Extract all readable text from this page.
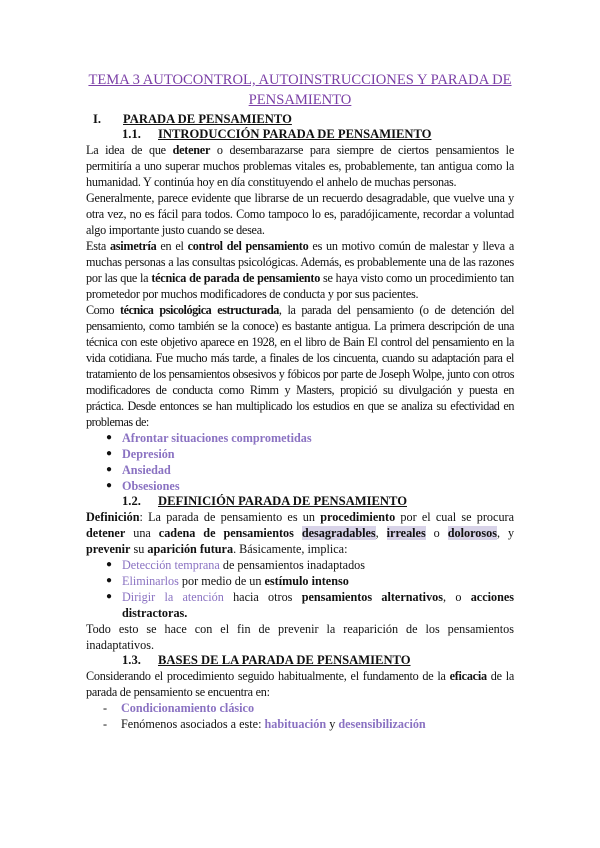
TEMA 3 AUTOCONTROL, AUTOINSTRUCCIONES Y PARADA DE PENSAMIENTO
I.	PARADA DE PENSAMIENTO
1.1.	INTRODUCCIÓN PARADA DE PENSAMIENTO

La idea de que detener o desembarazarse para siempre de ciertos pensamientos le permitiría a uno superar muchos problemas vitales es, probablemente, tan antigua como la humanidad. Y continúa hoy en día constituyendo el anhelo de muchas personas.

Generalmente, parece evidente que librarse de un recuerdo desagradable, que vuelve una y otra vez, no es fácil para todos. Como tampoco lo es, paradójicamente, recordar a voluntad algo importante justo cuando se desea.

Esta asimetría en el control del pensamiento es un motivo común de malestar y lleva a muchas personas a las consultas psicológicas. Además, es probablemente una de las razones por las que la técnica de parada de pensamiento se haya visto como un procedimiento tan prometedor por muchos modificadores de conducta y por sus pacientes.

Como técnica psicológica estructurada, la parada del pensamiento (o de detención del pensamiento, como también se la conoce) es bastante antigua. La primera descripción de una técnica con este objetivo aparece en 1928, en el libro de Bain El control del pensamiento en la vida cotidiana. Fue mucho más tarde, a finales de los cincuenta, cuando su adaptación para el tratamiento de los pensamientos obsesivos y fóbicos por parte de Joseph Wolpe, junto con otros modificadores de conducta como Rimm y Masters, propició su divulgación y puesta en práctica. Desde entonces se han multiplicado los estudios en que se analiza su efectividad en problemas de:

● Afrontar situaciones comprometidas
● Depresión
● Ansiedad
● Obsesiones
1.2.	DEFINICIÓN PARADA DE PENSAMIENTO

Definición: La parada de pensamiento es un procedimiento por el cual se procura detener una cadena de pensamientos desagradables, irreales o dolorosos, y prevenir su aparición futura. Básicamente, implica:

● Detección temprana de pensamientos inadaptados
● Eliminarlos por medio de un estímulo intenso
● Dirigir la atención hacia otros pensamientos alternativos, o acciones distractoras.

Todo esto se hace con el fin de prevenir la reaparición de los pensamientos inadaptativos.

1.3.	BASES DE LA PARADA DE PENSAMIENTO

Considerando el procedimiento seguido habitualmente, el fundamento de la eficacia de la parada de pensamiento se encuentra en:

-	Condicionamiento clásico
-	Fenómenos asociados a este: habituación y desensibilización
